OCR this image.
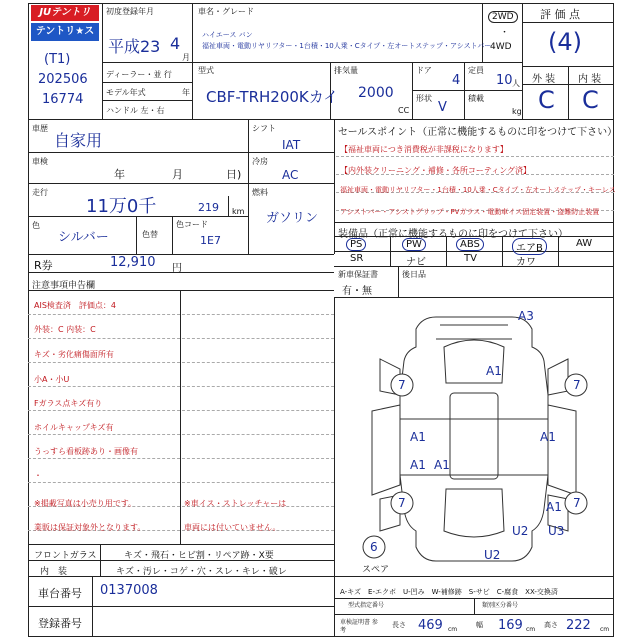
JUテントリ
テントリ★スター
(T1)
202506
16774
初度登録年月
平成23 4
月
車名・グレード
ハイエース バン
福祉車両・電動リヤリフター・1台積・10人乗・Cタイプ・左オートステップ・アシストバー
2WD
・
4WD
評 価 点
(4)
外 装 内 装
C C
ディーラー・並 行
モデル年式	年
ハンドル 左・右
型式
CBF-TRH200Kカイ
排気量
2000
CC
ドア
4
形状
V
定員
10 人
積載
kg
車歴
自家用
車検
年	月	日)
走行
11万0千	219 km
色
シルバー	色替
色コード
1E7
シフト
IAT
冷房
AC
燃料
ガソリン
R券	12,910 円
セールスポイント（正常に機能するものに印をつけて下さい）
【福祉車両につき消費税が非課税になります】
【内外装クリーニング・補修・各所コーティング済】
福祉車両・電動リヤリフター・1台積・10人乗・Cタイプ・左オートステップ・キーレス
アシストバー・アシストグリップ・PVガラス・電動車イス固定装置・盗難防止装置
装備品（正常に機能するものに印をつけて下さい）
PS	PW	ABS	エアB	AW
SR	ナビ	TV	カワ
新車保証書
有・無
後日品
注意事項申告欄
AIS検査済　評価点：4
外装：C 内装：C
キズ・劣化痛傷面所有
小A・小U
Fガラス点キズ有り
ホイルキャップキズ有
うっすら看板跡あり・画像有
・
※掲載写真は小売り用です。
業販は保証対象外となります。
※車イス・ストレッチャーは
車両には付いていません。
フロントガラス	キズ・飛石・ヒビ割・リペア跡・X要
内　装	キズ・汚レ・コゲ・穴・スレ・キレ・破レ
車台番号 0137008
登録番号
7	7
7	7
6
スペア
A3
A1
A1	A1
A1 A1
A1
U2 U3
U2
A-キズ　E-エクボ　U-凹み　W-補修跡　S-サビ　C-腐食　XX-交換済
型式指定番号	類別区分番号
車検証明書 参考
長さ 469 cm
幅 169 cm
高さ 222 cm
